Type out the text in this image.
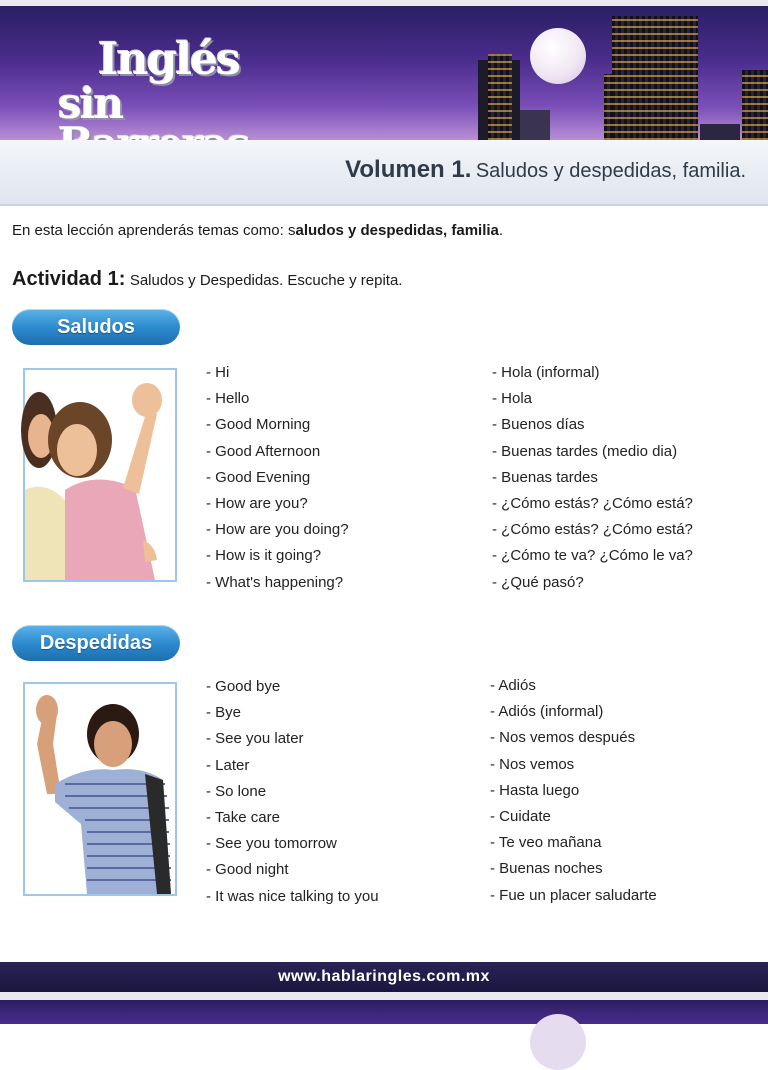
Inglés
sin
Volumen 1. Saludos y despedidas, familia.
En esta lección aprenderás temas como: saludos y despedidas, familia.
Actividad 1: Saludos y Despedidas. Escuche y repita.
Saludos
- Hi
- Hello
- Good Morning
- Good Afternoon
- Good Evening
- How are you?
- How are you doing?
- How is it going?
- What's happening?
- Hola (informal)
- Hola
- Buenos días
- Buenas tardes (medio dia)
- Buenas tardes
- ¿Cómo estás? ¿Cómo está?
- ¿Cómo estás? ¿Cómo está?
- ¿Cómo te va? ¿Cómo le va?
- ¿Qué pasó?
Despedidas
- Good bye
- Bye
- See you later
- Later
- So lone
- Take care
- See you tomorrow
- Good night
- It was nice talking to you
- Adiós
- Adiós (informal)
- Nos vemos después
- Nos vemos
- Hasta luego
- Cuidate
- Te veo mañana
- Buenas noches
- Fue un placer saludarte
www.hablaringles.com.mx
